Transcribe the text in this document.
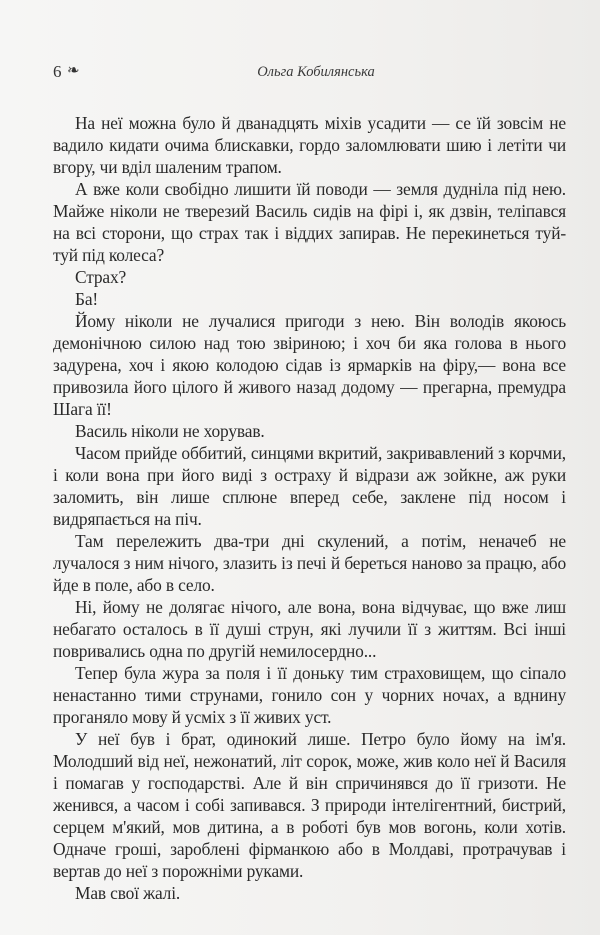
6 ❧	Ольга Кобилянська

На неї можна було й дванадцять міхів усадити — се їй зовсім не вадило кидати очима блискавки, гордо заломлювати шию і летіти чи вгору, чи вділ шаленим трапом.

А вже коли свобідно лишити їй поводи — земля дудніла під нею. Майже ніколи не тверезий Василь сидів на фірі і, як дзвін, теліпався на всі сторони, що страх так і віддих запирав. Не перекинеться туй-туй під колеса?

Страх?

Ба!

Йому ніколи не лучалися пригоди з нею. Він володів якоюсь демонічною силою над тою звіриною; і хоч би яка голова в нього задурена, хоч і якою колодою сідав із ярмарків на фіру,— вона все привозила його цілого й живого назад додому — прегарна, премудра Шага її!

Василь ніколи не хорував.

Часом прийде оббитий, синцями вкритий, закривавлений з корчми, і коли вона при його виді з остраху й відрази аж зойкне, аж руки заломить, він лише сплюне вперед себе, заклене під носом і видряпається на піч.

Там перележить два-три дні скулений, а потім, неначеб не лучалося з ним нічого, злазить із печі й береться наново за працю, або йде в поле, або в село.

Ні, йому не долягає нічого, але вона, вона відчуває, що вже лиш небагато осталось в її душі струн, які лучили її з життям. Всі інші повривались одна по другій немилосердно...

Тепер була жура за поля і її доньку тим страховищем, що сіпало ненастанно тими струнами, гонило сон у чорних ночах, а вднину проганяло мову й усміх з її живих уст.

У неї був і брат, одинокий лише. Петро було йому на ім'я. Молодший від неї, нежонатий, літ сорок, може, жив коло неї й Василя і помагав у господарстві. Але й він спричинявся до її гризоти. Не женився, а часом і собі запивався. З природи інтелігентний, бистрий, серцем м'який, мов дитина, а в роботі був мов вогонь, коли хотів. Одначе гроші, зароблені фірманкою або в Молдаві, протрачував і вертав до неї з порожніми руками.

Мав свої жалі.
